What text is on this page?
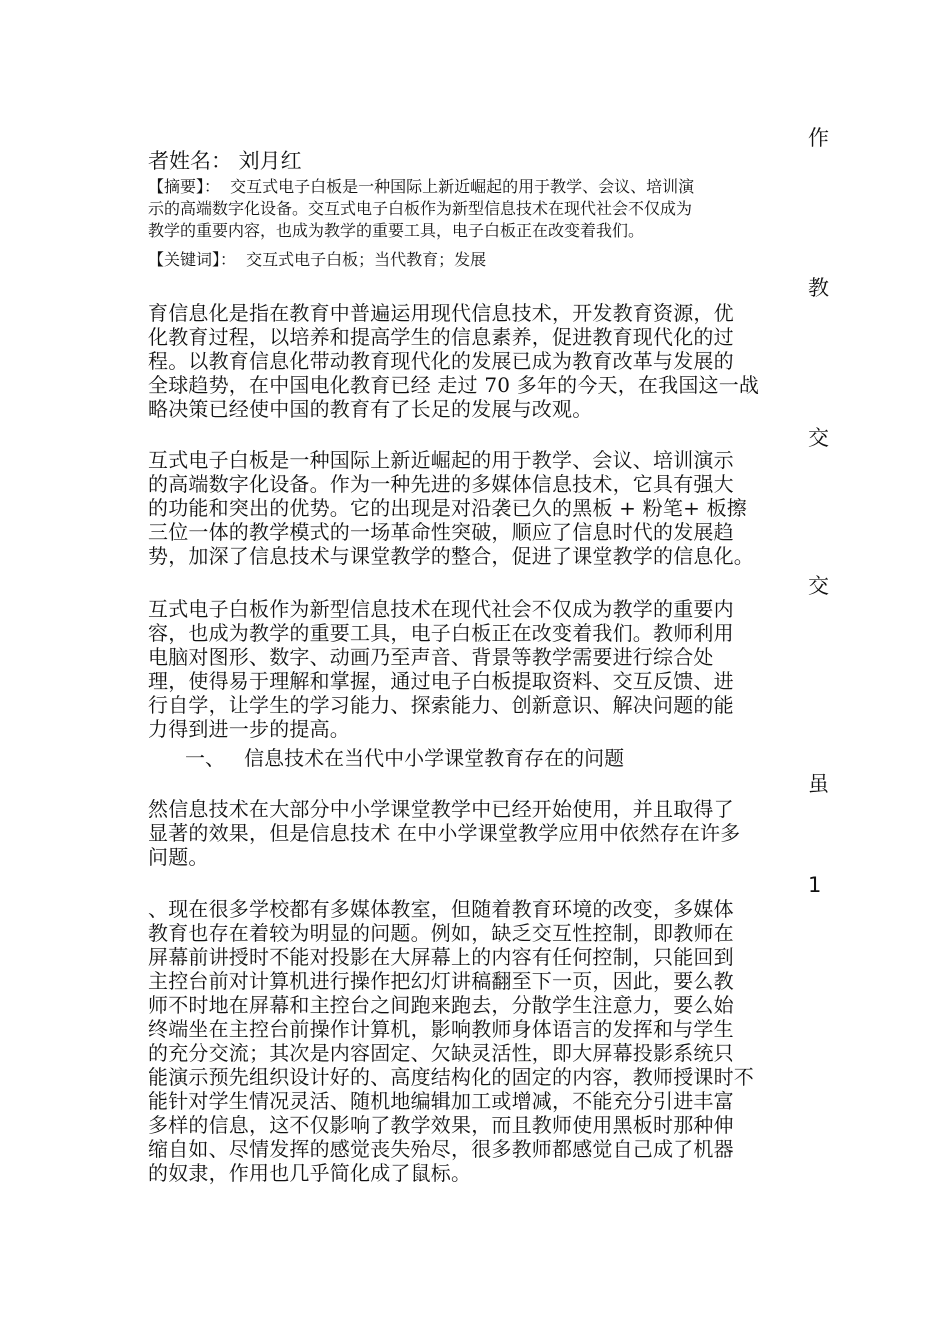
作
教
交
交
虽
1
者姓名： 刘月红
【摘要】：  交互式电子白板是一种国际上新近崛起的用于教学、会议、培训演
示的高端数字化设备。交互式电子白板作为新型信息技术在现代社会不仅成为
教学的重要内容，也成为教学的重要工具，电子白板正在改变着我们。
【关键词】：  交互式电子白板；当代教育；发展
育信息化是指在教育中普遍运用现代信息技术，开发教育资源，优
化教育过程，以培养和提高学生的信息素养，促进教育现代化的过
程。以教育信息化带动教育现代化的发展已成为教育改革与发展的
全球趋势，在中国电化教育已经 走过 70 多年的今天，在我国这一战
略决策已经使中国的教育有了长足的发展与改观。
互式电子白板是一种国际上新近崛起的用于教学、会议、培训演示
的高端数字化设备。作为一种先进的多媒体信息技术，它具有强大
的功能和突出的优势。它的出现是对沿袭已久的黑板 + 粉笔+ 板擦
三位一体的教学模式的一场革命性突破，顺应了信息时代的发展趋
势，加深了信息技术与课堂教学的整合，促进了课堂教学的信息化。
互式电子白板作为新型信息技术在现代社会不仅成为教学的重要内
容，也成为教学的重要工具，电子白板正在改变着我们。教师利用
电脑对图形、数字、动画乃至声音、背景等教学需要进行综合处
理，使得易于理解和掌握，通过电子白板提取资料、交互反馈、进
行自学，让学生的学习能力、探索能力、创新意识、解决问题的能
力得到进一步的提高。
一、   信息技术在当代中小学课堂教育存在的问题
然信息技术在大部分中小学课堂教学中已经开始使用，并且取得了
显著的效果，但是信息技术 在中小学课堂教学应用中依然存在许多
问题。
、现在很多学校都有多媒体教室，但随着教育环境的改变，多媒体
教育也存在着较为明显的问题。例如，缺乏交互性控制，即教师在
屏幕前讲授时不能对投影在大屏幕上的内容有任何控制，只能回到
主控台前对计算机进行操作把幻灯讲稿翻至下一页，因此，要么教
师不时地在屏幕和主控台之间跑来跑去，分散学生注意力，要么始
终端坐在主控台前操作计算机，影响教师身体语言的发挥和与学生
的充分交流；其次是内容固定、欠缺灵活性，即大屏幕投影系统只
能演示预先组织设计好的、高度结构化的固定的内容，教师授课时不
能针对学生情况灵活、随机地编辑加工或增减，不能充分引进丰富
多样的信息，这不仅影响了教学效果，而且教师使用黑板时那种伸
缩自如、尽情发挥的感觉丧失殆尽，很多教师都感觉自己成了机器
的奴隶，作用也几乎简化成了鼠标。
